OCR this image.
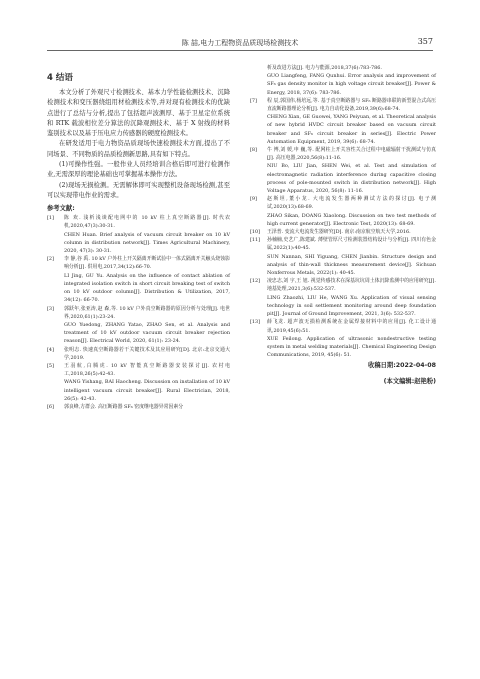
陈 喆,电力工程物资品质现场检测技术	357

4 结语

本文分析了外观尺寸检测技术、基本力学性能检测技术、沉降检测技术和变压器绕组用材检测技术等,并对现有检测技术的优缺点进行了总结与分析,提出了包括超声波测厚、基于卫星定位系统和 RTK 载波相位差分算法的沉降观测技术、基于 X 射线的材料鉴别技术以及基于压电应力传感器的硬度检测技术。

在研发适用于电力物资品质现场快速检测技术方面,提出了不同场景、不同物质的品质检测新思路,具有如下特点。

(1)可操作性强。一般作业人员经培训合格后即可进行检测作业,无需深厚的理论基础也可掌握基本操作方法。

(2)现场无损检测。无需解体即可实现整机设备现场检测,甚至可以实现带电作业的需求。

参考文献:

[1] 陈 欢. 浅析浅谈配电网中的 10 kV 柱上真空断路器[J]. 时代农机,2020,47(3):30-31.
CHEN Huan. Brief analysis of vacuum circuit breaker on 10 kV column in distribution network[J]. Times Agricultural Machinery, 2020, 47(3): 30-31.
[2] 李 静,谷 禹. 10 kV 户外柱上开关隔离开断试验中一体式隔离开关触头烧蚀影响分析[J]. 供用电,2017,34(12):66-70.
LI Jing, GU Yu. Analysis on the influence of contact ablation of integrated isolation switch in short circuit breaking test of switch on 10 kV outdoor column[J]. Distribution & Utilization, 2017, 34(12): 66-70.
[3] 郭跃年,张亚涛,赵 森,等. 10 kV 户外真空断路器的原因分析与处理[J]. 电世界,2020,61(1):23-24.
GUO Yuedong, ZHANG Yatao, ZHAO Sen, et al. Analysis and treatment of 10 kV outdoor vacuum circuit breaker rejection reason[J]. Electrical World, 2020, 61(1): 23-24.
[4] 张明志. 快速真空断路器若干关键技术及其应用研究[D]. 北京:北京交通大学,2019.
[5] 王羽航,白腾虎. 10 kV 智能真空断路器安装探讨[J]. 农村电工,2018,26(5):42-43.
WANG Yishang, BAI Haocheng. Discussion on installation of 10 kV intelligent vacuum circuit breaker[J]. Rural Electrician, 2018, 26(5): 42-43.
[6] 郭良峰,方群会. 高压断路器 SF₆ 密度继电器异常因素分
析及改进方法[J]. 电力与能源,2018,37(6):783-786.
GUO Liangfeng, FANG Qunhui. Error analysis and improvement of SF₆ gas density monitor in high voltage circuit breaker[J]. Power & Energy, 2018, 37(6): 783-786.
[7] 程 辰,郭国伟,杨培远,等. 基于真空断路器与 SF₆ 断路器串联的新型混合式高压直流断路器理论分析[J]. 电力自动化设备,2019,39(6):68-74.
CHENG Xian, GE Guowei, YANG Peiyuan, et al. Theoretical analysis of new hybrid HVDC circuit breaker based on vacuum circuit breaker and SF₆ circuit breaker in series[J]. Electric Power Automation Equipment, 2019, 39(6): 68-74.
[8] 牛 博,刘 媛,申 巍,等. 配网柱上开关容性关合过程中电磁辐射干扰测试与仿真[J]. 高压电器,2020,56(8):11-16.
NIU Bo, LIU Jian, SHEN Wei, et al. Test and simulation of electromagnetic radiation interference during capacitive closing process of pole-mounted switch in distribution network[J]. High Voltage Apparatus, 2020, 56(8): 11-16.
[9] 赵斯坦,董小龙. 大电流发生器两种测试方法的探讨[J]. 电子测试,2020(13):68-69.
ZHAO Sikan, DOANG Xiaolong. Discussion on two test methods of high current generator[J]. Electronic Test, 2020(13): 68-69.
[10] 王泽普. 变流大电流发生器研究[D]. 南京:南京航空航天大学,2016.
[11] 孙楠楠,史艺广,陈建斌. 薄壁管厚尺寸检测装置结构设计与分析[J]. 四川有色金属,2022(1):40-45.
SUN Nannan, SHI Yiguang, CHEN Jianbin. Structure design and analysis of thin-wall thickness measurement device[J]. Sichuan Nonferrous Metals, 2022(1): 40-45.
[12] 凌忠志,刘 宇,王 旭. 视觉传感技术在深基坑坑周土体沉降监测中的应用研究[J]. 地基处理,2021,3(6):532-537.
LING Zhaozhi, LIU He, WANG Xu. Application of visual sensing technology in soil settlement monitoring around deep foundation pit[J]. Journal of Ground Improvement, 2021, 3(6): 532-537.
[13] 薛飞龙. 超声波无损检测系统在金属焊接材料中的应用[J]. 化工设计通讯,2019,45(6):51.
XUE Feilong. Application of ultrasonic nondestructive testing system in metal welding materials[J]. Chemical Engineering Design Communications, 2019, 45(6): 51.

收稿日期:2022-04-08

(本文编辑:赵艳粉)
